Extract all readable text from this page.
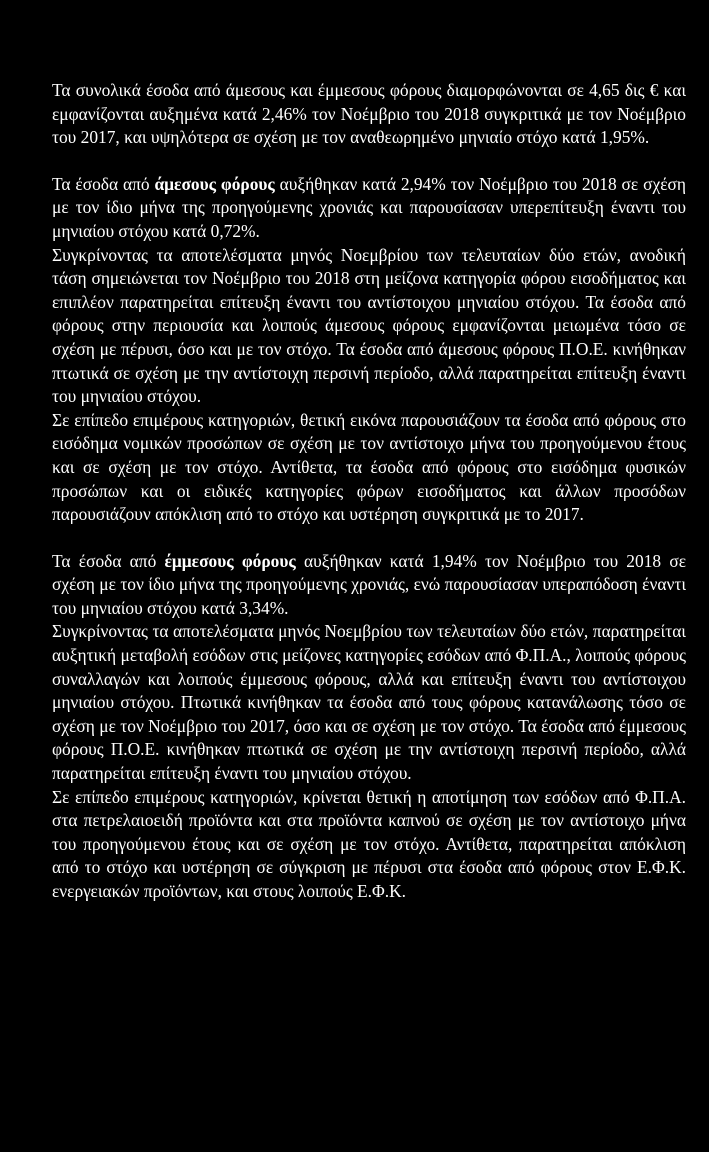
Τα συνολικά έσοδα από άμεσους και έμμεσους φόρους διαμορφώνονται σε 4,65 δις € και εμφανίζονται αυξημένα κατά 2,46% τον Νοέμβριο του 2018 συγκριτικά με τον Νοέμβριο του 2017, και υψηλότερα σε σχέση με τον αναθεωρημένο μηνιαίο στόχο κατά 1,95%.

Τα έσοδα από άμεσους φόρους αυξήθηκαν κατά 2,94% τον Νοέμβριο του 2018 σε σχέση με τον ίδιο μήνα της προηγούμενης χρονιάς και παρουσίασαν υπερεπίτευξη έναντι του μηνιαίου στόχου κατά 0,72%.

Συγκρίνοντας τα αποτελέσματα μηνός Νοεμβρίου των τελευταίων δύο ετών, ανοδική τάση σημειώνεται τον Νοέμβριο του 2018 στη μείζονα κατηγορία φόρου εισοδήματος και επιπλέον παρατηρείται επίτευξη έναντι του αντίστοιχου μηνιαίου στόχου. Τα έσοδα από φόρους στην περιουσία και λοιπούς άμεσους φόρους εμφανίζονται μειωμένα τόσο σε σχέση με πέρυσι, όσο και με τον στόχο. Τα έσοδα από άμεσους φόρους Π.Ο.Ε. κινήθηκαν πτωτικά σε σχέση με την αντίστοιχη περσινή περίοδο, αλλά παρατηρείται επίτευξη έναντι του μηνιαίου στόχου.

Σε επίπεδο επιμέρους κατηγοριών, θετική εικόνα παρουσιάζουν τα έσοδα από φόρους στο εισόδημα νομικών προσώπων σε σχέση με τον αντίστοιχο μήνα του προηγούμενου έτους και σε σχέση με τον στόχο. Αντίθετα, τα έσοδα από φόρους στο εισόδημα φυσικών προσώπων και οι ειδικές κατηγορίες φόρων εισοδήματος και άλλων προσόδων παρουσιάζουν απόκλιση από το στόχο και υστέρηση συγκριτικά με το 2017.

Τα έσοδα από έμμεσους φόρους αυξήθηκαν κατά 1,94% τον Νοέμβριο του 2018 σε σχέση με τον ίδιο μήνα της προηγούμενης χρονιάς, ενώ παρουσίασαν υπεραπόδοση έναντι του μηνιαίου στόχου κατά 3,34%.

Συγκρίνοντας τα αποτελέσματα μηνός Νοεμβρίου των τελευταίων δύο ετών, παρατηρείται αυξητική μεταβολή εσόδων στις μείζονες κατηγορίες εσόδων από Φ.Π.Α., λοιπούς φόρους συναλλαγών και λοιπούς έμμεσους φόρους, αλλά και επίτευξη έναντι του αντίστοιχου μηνιαίου στόχου. Πτωτικά κινήθηκαν τα έσοδα από τους φόρους κατανάλωσης τόσο σε σχέση με τον Νοέμβριο του 2017, όσο και σε σχέση με τον στόχο. Τα έσοδα από έμμεσους φόρους Π.Ο.Ε. κινήθηκαν πτωτικά σε σχέση με την αντίστοιχη περσινή περίοδο, αλλά παρατηρείται επίτευξη έναντι του μηνιαίου στόχου.

Σε επίπεδο επιμέρους κατηγοριών, κρίνεται θετική η αποτίμηση των εσόδων από Φ.Π.Α. στα πετρελαιοειδή προϊόντα και στα προϊόντα καπνού σε σχέση με τον αντίστοιχο μήνα του προηγούμενου έτους και σε σχέση με τον στόχο. Αντίθετα, παρατηρείται απόκλιση από το στόχο και υστέρηση σε σύγκριση με πέρυσι στα έσοδα από φόρους στον Ε.Φ.Κ. ενεργειακών προϊόντων, και στους λοιπούς Ε.Φ.Κ.
